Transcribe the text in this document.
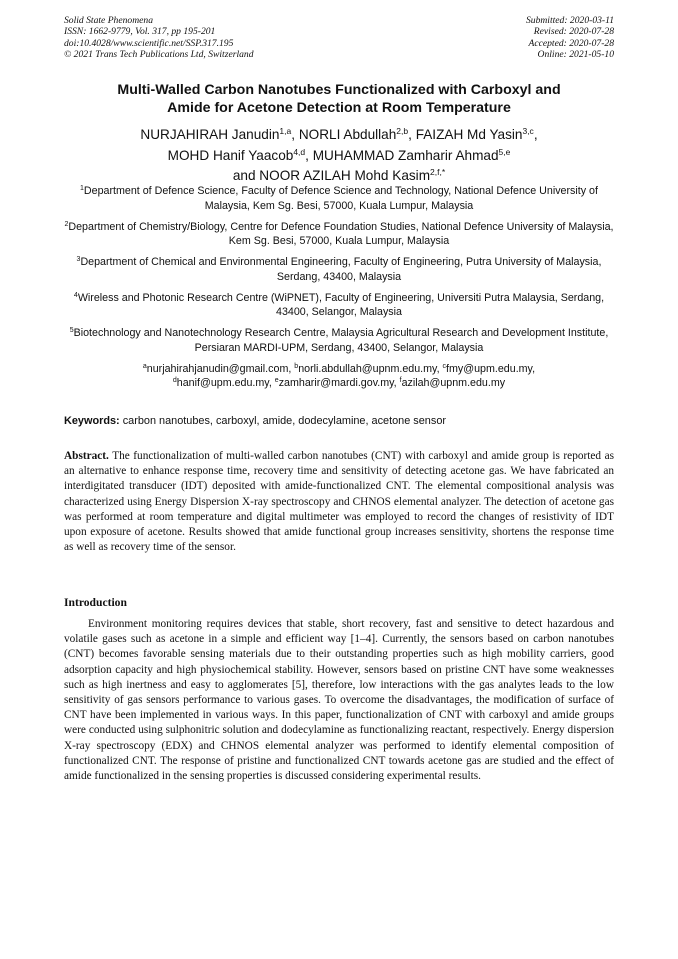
Solid State Phenomena
ISSN: 1662-9779, Vol. 317, pp 195-201
doi:10.4028/www.scientific.net/SSP.317.195
© 2021 Trans Tech Publications Ltd, Switzerland
Submitted: 2020-03-11
Revised: 2020-07-28
Accepted: 2020-07-28
Online: 2021-05-10
Multi-Walled Carbon Nanotubes Functionalized with Carboxyl and
Amide for Acetone Detection at Room Temperature
NURJAHIRAH Janudin$^{1,a}$, NORLI Abdullah$^{2,b}$, FAIZAH Md Yasin$^{3,c}$,
MOHD Hanif Yaacob$^{4,d}$, MUHAMMAD Zamharir Ahmad$^{5,e}$
and NOOR AZILAH Mohd Kasim$^{2,f,*}$
$^1$Department of Defence Science, Faculty of Defence Science and Technology, National Defence University of Malaysia, Kem Sg. Besi, 57000, Kuala Lumpur, Malaysia
$^2$Department of Chemistry/Biology, Centre for Defence Foundation Studies, National Defence University of Malaysia, Kem Sg. Besi, 57000, Kuala Lumpur, Malaysia
$^3$Department of Chemical and Environmental Engineering, Faculty of Engineering, Putra University of Malaysia, Serdang, 43400, Malaysia
$^4$Wireless and Photonic Research Centre (WiPNET), Faculty of Engineering, Universiti Putra Malaysia, Serdang, 43400, Selangor, Malaysia
$^5$Biotechnology and Nanotechnology Research Centre, Malaysia Agricultural Research and Development Institute, Persiaran MARDI-UPM, Serdang, 43400, Selangor, Malaysia
$^a$nurjahirahjanudin@gmail.com, $^b$norli.abdullah@upnm.edu.my, $^c$fmy@upm.edu.my,
$^d$hanif@upm.edu.my, $^e$zamharir@mardi.gov.my, $^f$azilah@upnm.edu.my
Keywords: carbon nanotubes, carboxyl, amide, dodecylamine, acetone sensor
Abstract. The functionalization of multi-walled carbon nanotubes (CNT) with carboxyl and amide group is reported as an alternative to enhance response time, recovery time and sensitivity of detecting acetone gas. We have fabricated an interdigitated transducer (IDT) deposited with amide-functionalized CNT. The elemental compositional analysis was characterized using Energy Dispersion X-ray spectroscopy and CHNOS elemental analyzer. The detection of acetone gas was performed at room temperature and digital multimeter was employed to record the changes of resistivity of IDT upon exposure of acetone. Results showed that amide functional group increases sensitivity, shortens the response time as well as recovery time of the sensor.
Introduction
Environment monitoring requires devices that stable, short recovery, fast and sensitive to detect hazardous and volatile gases such as acetone in a simple and efficient way [1–4]. Currently, the sensors based on carbon nanotubes (CNT) becomes favorable sensing materials due to their outstanding properties such as high mobility carriers, good adsorption capacity and high physiochemical stability. However, sensors based on pristine CNT have some weaknesses such as high inertness and easy to agglomerates [5], therefore, low interactions with the gas analytes leads to the low sensitivity of gas sensors performance to various gases. To overcome the disadvantages, the modification of surface of CNT have been implemented in various ways. In this paper, functionalization of CNT with carboxyl and amide groups were conducted using sulphonitric solution and dodecylamine as functionalizing reactant, respectively. Energy dispersion X-ray spectroscopy (EDX) and CHNOS elemental analyzer was performed to identify elemental composition of functionalized CNT. The response of pristine and functionalized CNT towards acetone gas are studied and the effect of amide functionalized in the sensing properties is discussed considering experimental results.
